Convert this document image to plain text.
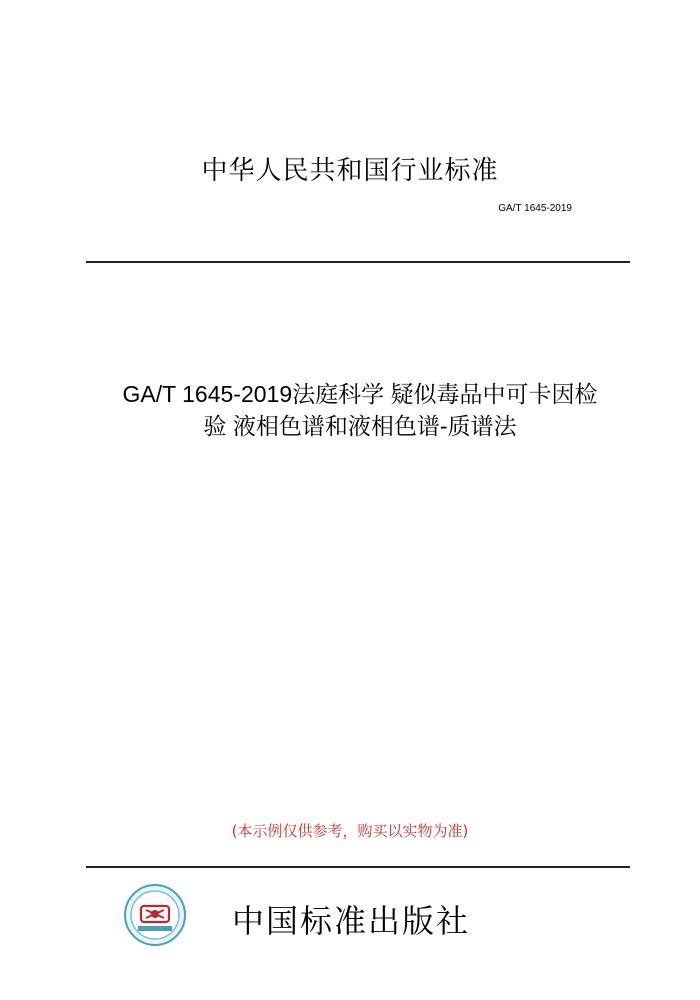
中华人民共和国行业标准
GA/T 1645-2019
GA/T 1645-2019法庭科学 疑似毒品中可卡因检
验 液相色谱和液相色谱-质谱法
(本示例仅供参考，购买以实物为准)
中国标准出版社
